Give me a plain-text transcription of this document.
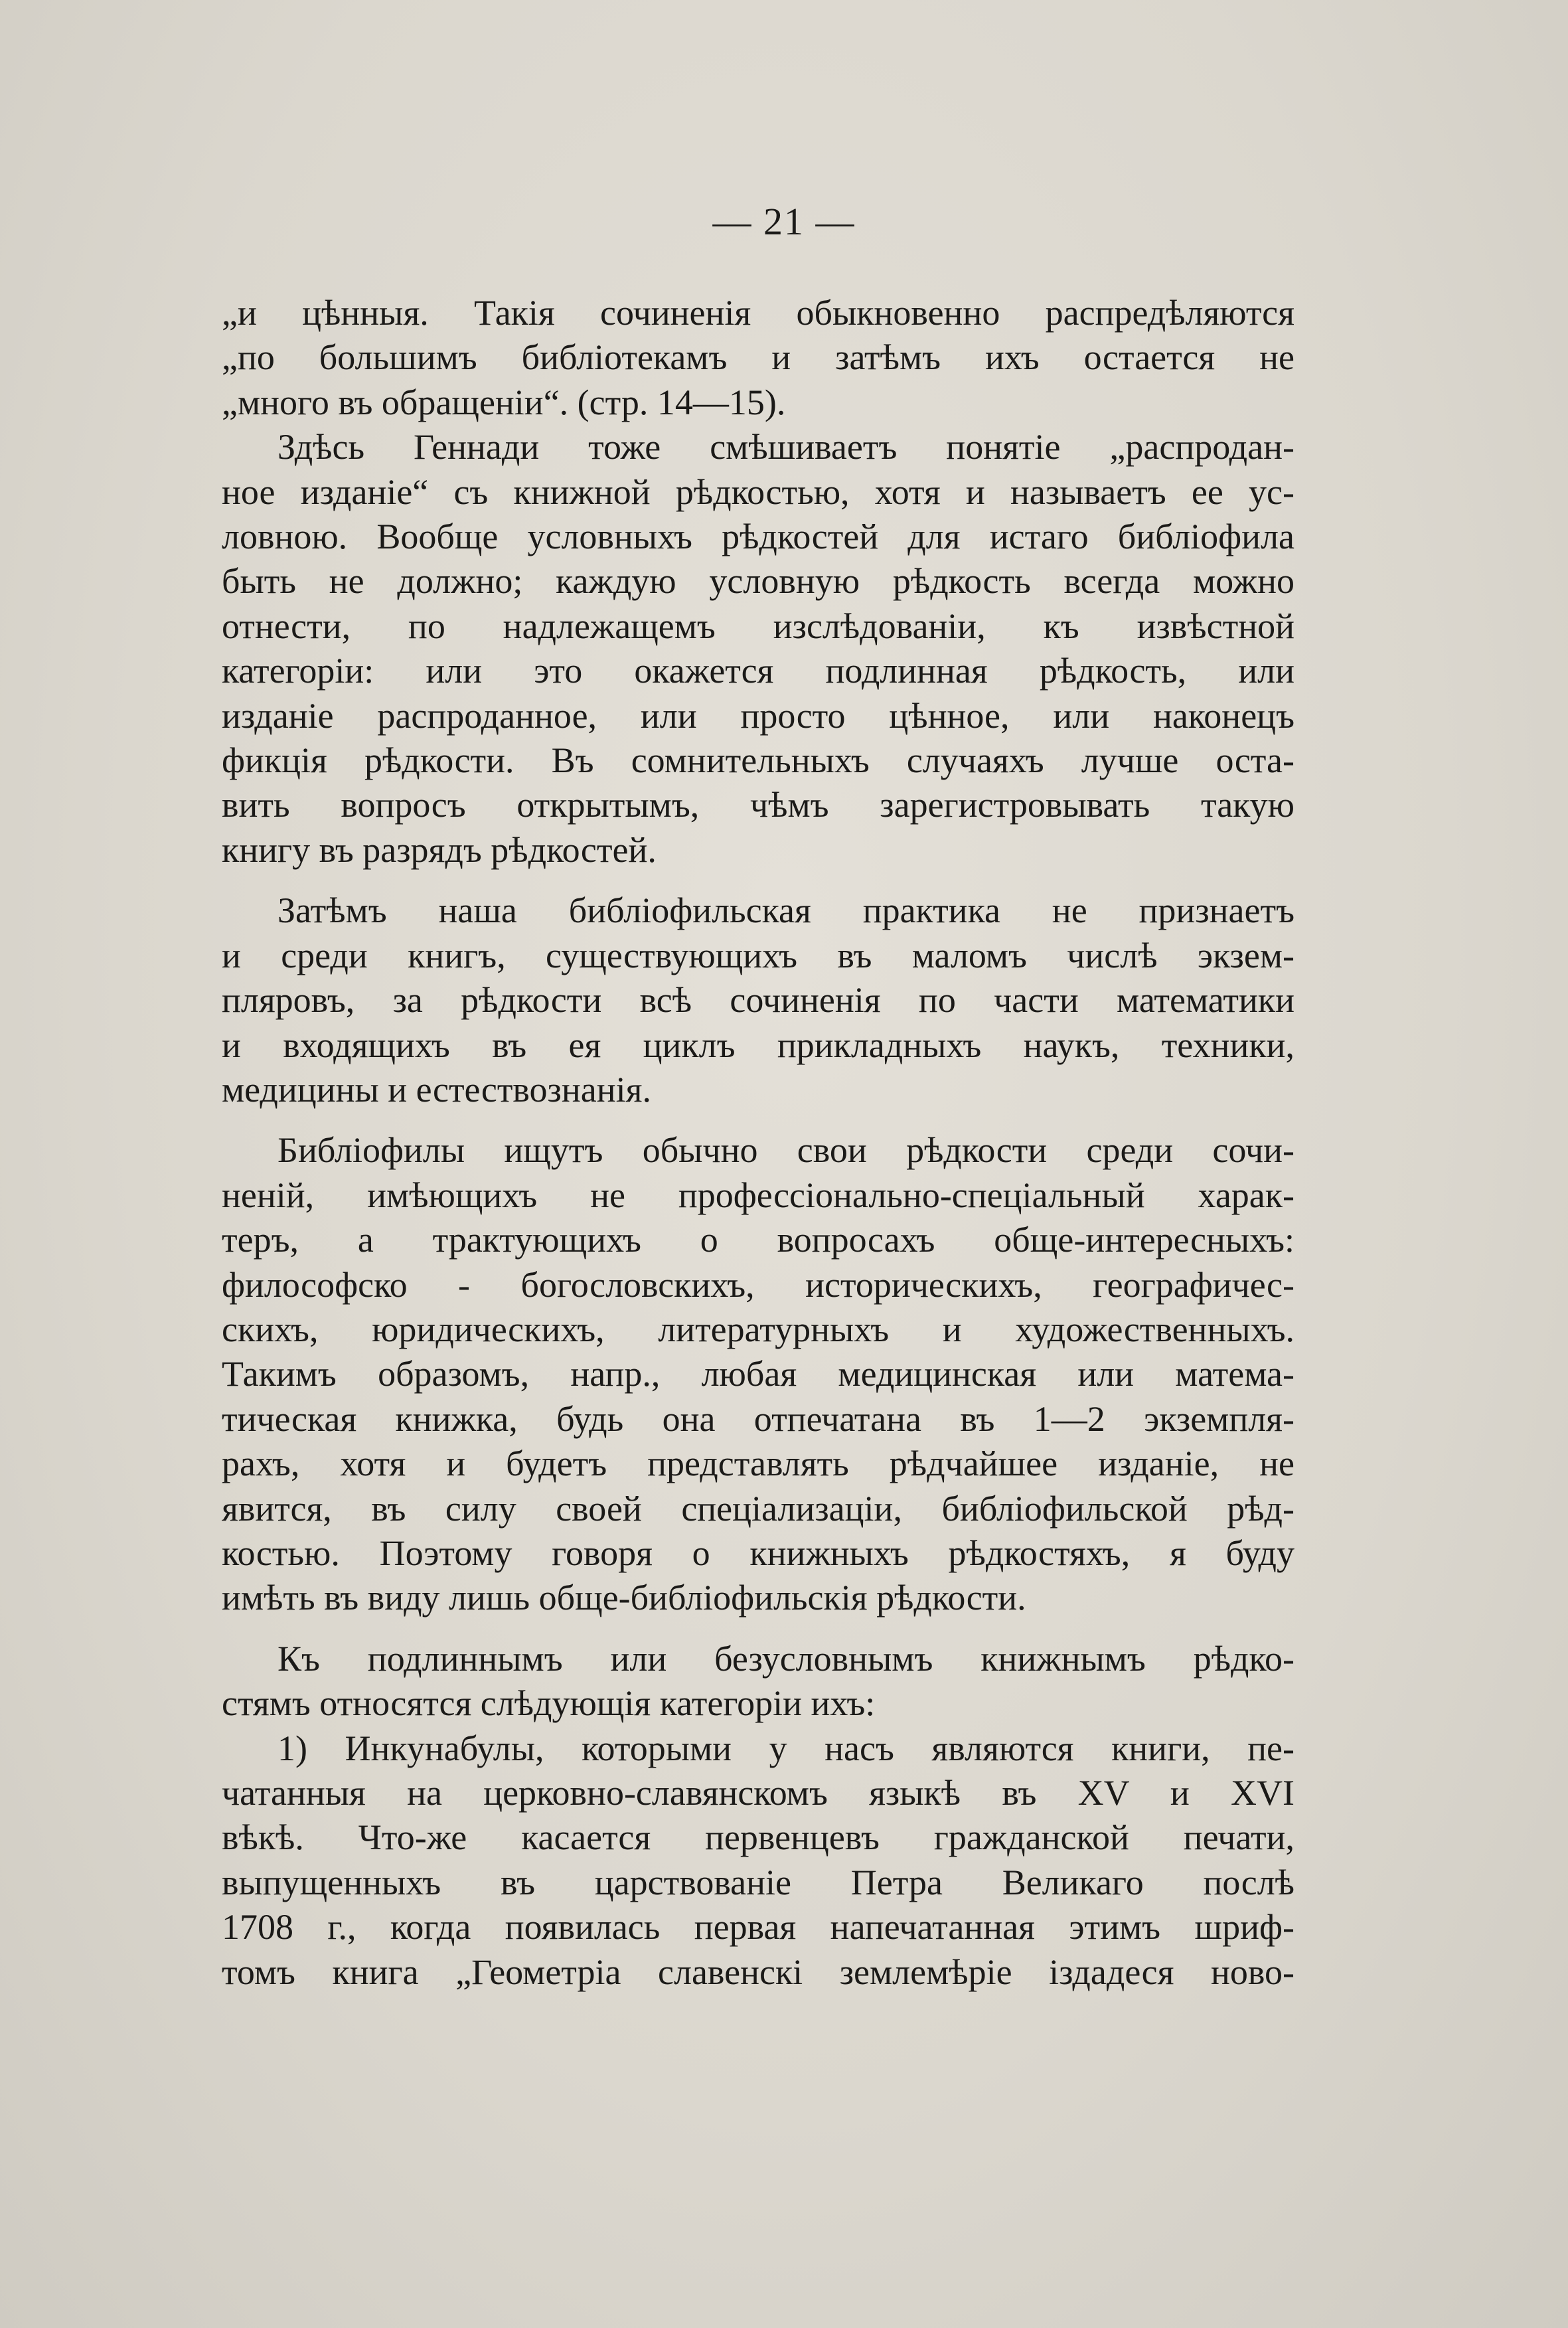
— 21 —

„и цѣнныя. Такія сочиненія обыкновенно распредѣляются

„по большимъ библіотекамъ и затѣмъ ихъ остается не

„много въ обращеніи“. (стр. 14—15).

Здѣсь Геннади тоже смѣшиваетъ понятіе „распродан-

ное изданіе“ съ книжной рѣдкостью, хотя и называетъ ее ус-

ловною. Вообще условныхъ рѣдкостей для истаго библіофила

быть не должно; каждую условную рѣдкость всегда можно

отнести, по надлежащемъ изслѣдованіи, къ извѣстной

категоріи: или это окажется подлинная рѣдкость, или

изданіе распроданное, или просто цѣнное, или наконецъ

фикція рѣдкости. Въ сомнительныхъ случаяхъ лучше оста-

вить вопросъ открытымъ, чѣмъ зарегистровывать такую

книгу въ разрядъ рѣдкостей.

Затѣмъ наша библіофильская практика не признаетъ

и среди книгъ, существующихъ въ маломъ числѣ экзем-

пляровъ, за рѣдкости всѣ сочиненія по части математики

и входящихъ въ ея циклъ прикладныхъ наукъ, техники,

медицины и естествознанія.

Библіофилы ищутъ обычно свои рѣдкости среди сочи-

неній, имѣющихъ не профессіонально-спеціальный харак-

теръ, а трактующихъ о вопросахъ обще-интересныхъ:

философско - богословскихъ, историческихъ, географичес-

скихъ, юридическихъ, литературныхъ и художественныхъ.

Такимъ образомъ, напр., любая медицинская или матема-

тическая книжка, будь она отпечатана въ 1—2 экземпля-

рахъ, хотя и будетъ представлять рѣдчайшее изданіе, не

явится, въ силу своей спеціализаціи, библіофильской рѣд-

костью. Поэтому говоря о книжныхъ рѣдкостяхъ, я буду

имѣть въ виду лишь обще-библіофильскія рѣдкости.

Къ подлиннымъ или безусловнымъ книжнымъ рѣдко-

стямъ относятся слѣдующія категоріи ихъ:

1) Инкунабулы, которыми у насъ являются книги, пе-

чатанныя на церковно-славянскомъ языкѣ въ XV и XVI

вѣкѣ. Что-же касается первенцевъ гражданской печати,

выпущенныхъ въ царствованіе Петра Великаго послѣ

1708 г., когда появилась первая напечатанная этимъ шриф-

томъ книга „Геометріа славенскі землемѣріе іздадеся ново-
